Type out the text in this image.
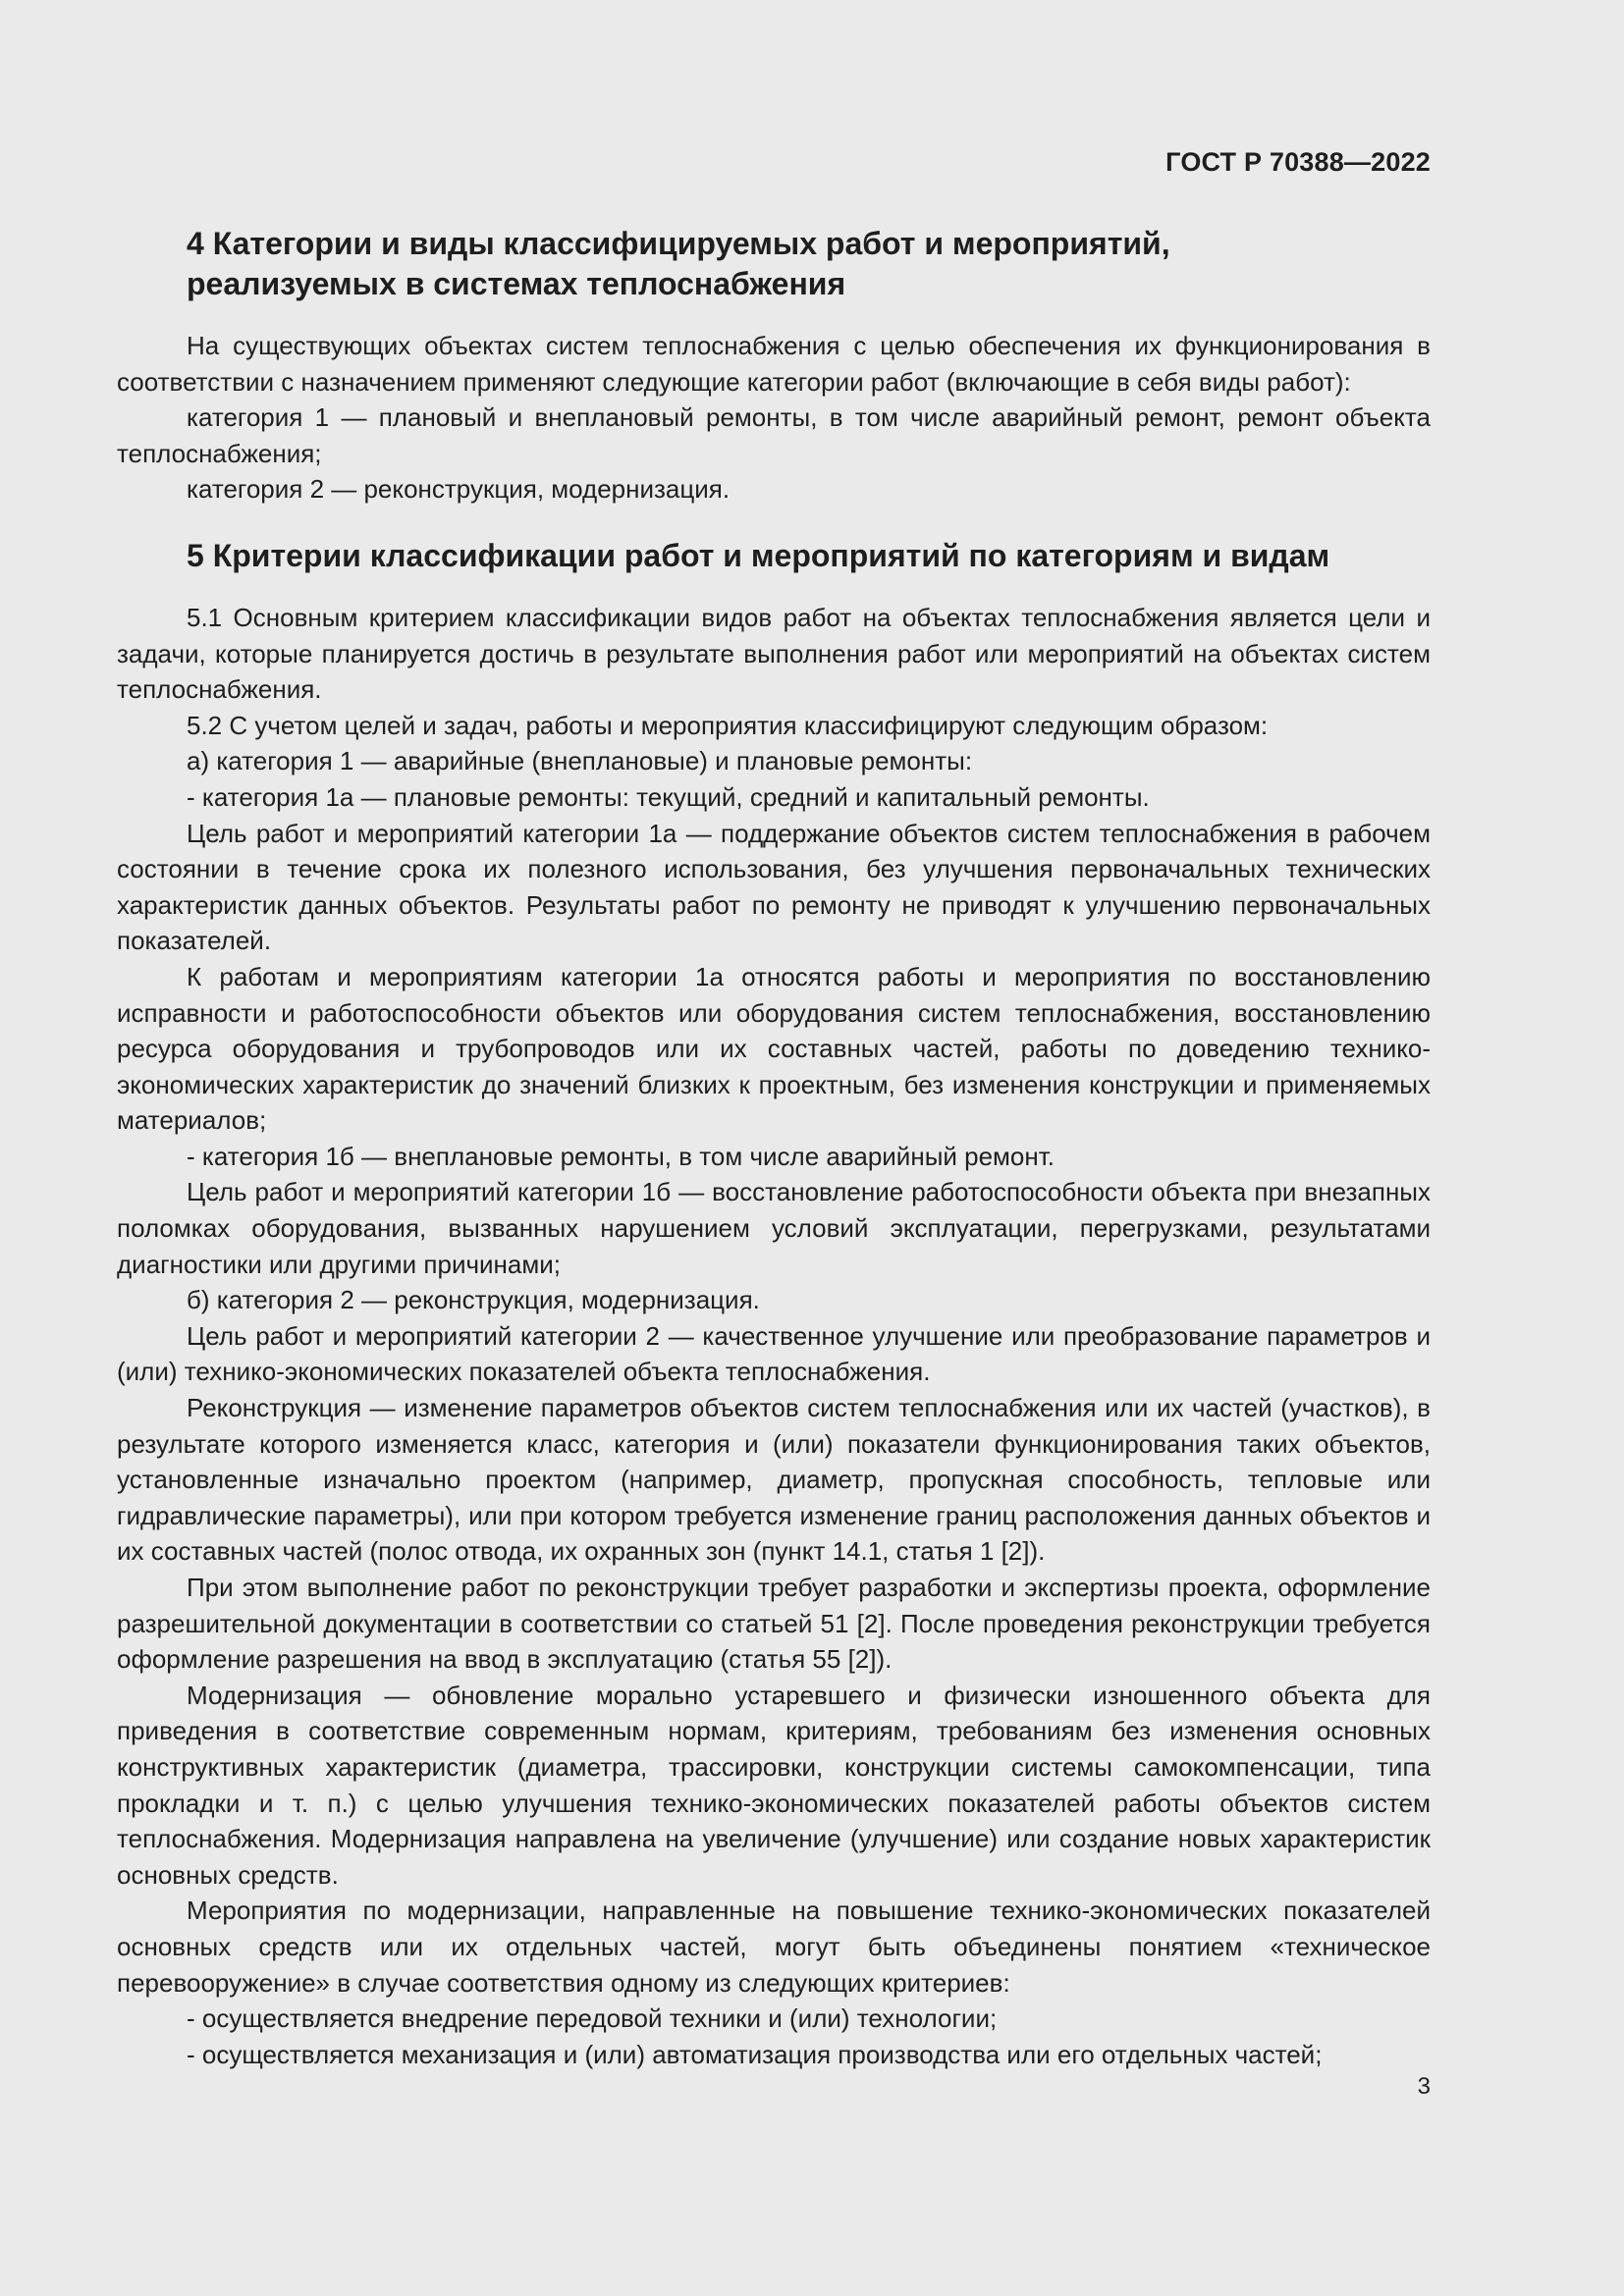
ГОСТ Р 70388—2022
4 Категории и виды классифицируемых работ и мероприятий,
реализуемых в системах теплоснабжения

На существующих объектах систем теплоснабжения с целью обеспечения их функционирования в соответствии с назначением применяют следующие категории работ (включающие в себя виды работ):

категория 1 — плановый и внеплановый ремонты, в том числе аварийный ремонт, ремонт объекта теплоснабжения;

категория 2 — реконструкция, модернизация.

5 Критерии классификации работ и мероприятий по категориям и видам

5.1 Основным критерием классификации видов работ на объектах теплоснабжения является цели и задачи, которые планируется достичь в результате выполнения работ или мероприятий на объектах систем теплоснабжения.

5.2 С учетом целей и задач, работы и мероприятия классифицируют следующим образом:

а) категория 1 — аварийные (внеплановые) и плановые ремонты:

- категория 1а — плановые ремонты: текущий, средний и капитальный ремонты.

Цель работ и мероприятий категории 1а — поддержание объектов систем теплоснабжения в рабочем состоянии в течение срока их полезного использования, без улучшения первоначальных технических характеристик данных объектов. Результаты работ по ремонту не приводят к улучшению первоначальных показателей.

К работам и мероприятиям категории 1а относятся работы и мероприятия по восстановлению исправности и работоспособности объектов или оборудования систем теплоснабжения, восстановлению ресурса оборудования и трубопроводов или их составных частей, работы по доведению технико-экономических характеристик до значений близких к проектным, без изменения конструкции и применяемых материалов;

- категория 1б — внеплановые ремонты, в том числе аварийный ремонт.

Цель работ и мероприятий категории 1б — восстановление работоспособности объекта при внезапных поломках оборудования, вызванных нарушением условий эксплуатации, перегрузками, результатами диагностики или другими причинами;

б) категория 2 — реконструкция, модернизация.

Цель работ и мероприятий категории 2 — качественное улучшение или преобразование параметров и (или) технико-экономических показателей объекта теплоснабжения.

Реконструкция — изменение параметров объектов систем теплоснабжения или их частей (участков), в результате которого изменяется класс, категория и (или) показатели функционирования таких объектов, установленные изначально проектом (например, диаметр, пропускная способность, тепловые или гидравлические параметры), или при котором требуется изменение границ расположения данных объектов и их составных частей (полос отвода, их охранных зон (пункт 14.1, статья 1 [2]).

При этом выполнение работ по реконструкции требует разработки и экспертизы проекта, оформление разрешительной документации в соответствии со статьей 51 [2]. После проведения реконструкции требуется оформление разрешения на ввод в эксплуатацию (статья 55 [2]).

Модернизация — обновление морально устаревшего и физически изношенного объекта для приведения в соответствие современным нормам, критериям, требованиям без изменения основных конструктивных характеристик (диаметра, трассировки, конструкции системы самокомпенсации, типа прокладки и т. п.) с целью улучшения технико-экономических показателей работы объектов систем теплоснабжения. Модернизация направлена на увеличение (улучшение) или создание новых характеристик основных средств.

Мероприятия по модернизации, направленные на повышение технико-экономических показателей основных средств или их отдельных частей, могут быть объединены понятием «техническое перевооружение» в случае соответствия одному из следующих критериев:

- осуществляется внедрение передовой техники и (или) технологии;

- осуществляется механизация и (или) автоматизация производства или его отдельных частей;

3
